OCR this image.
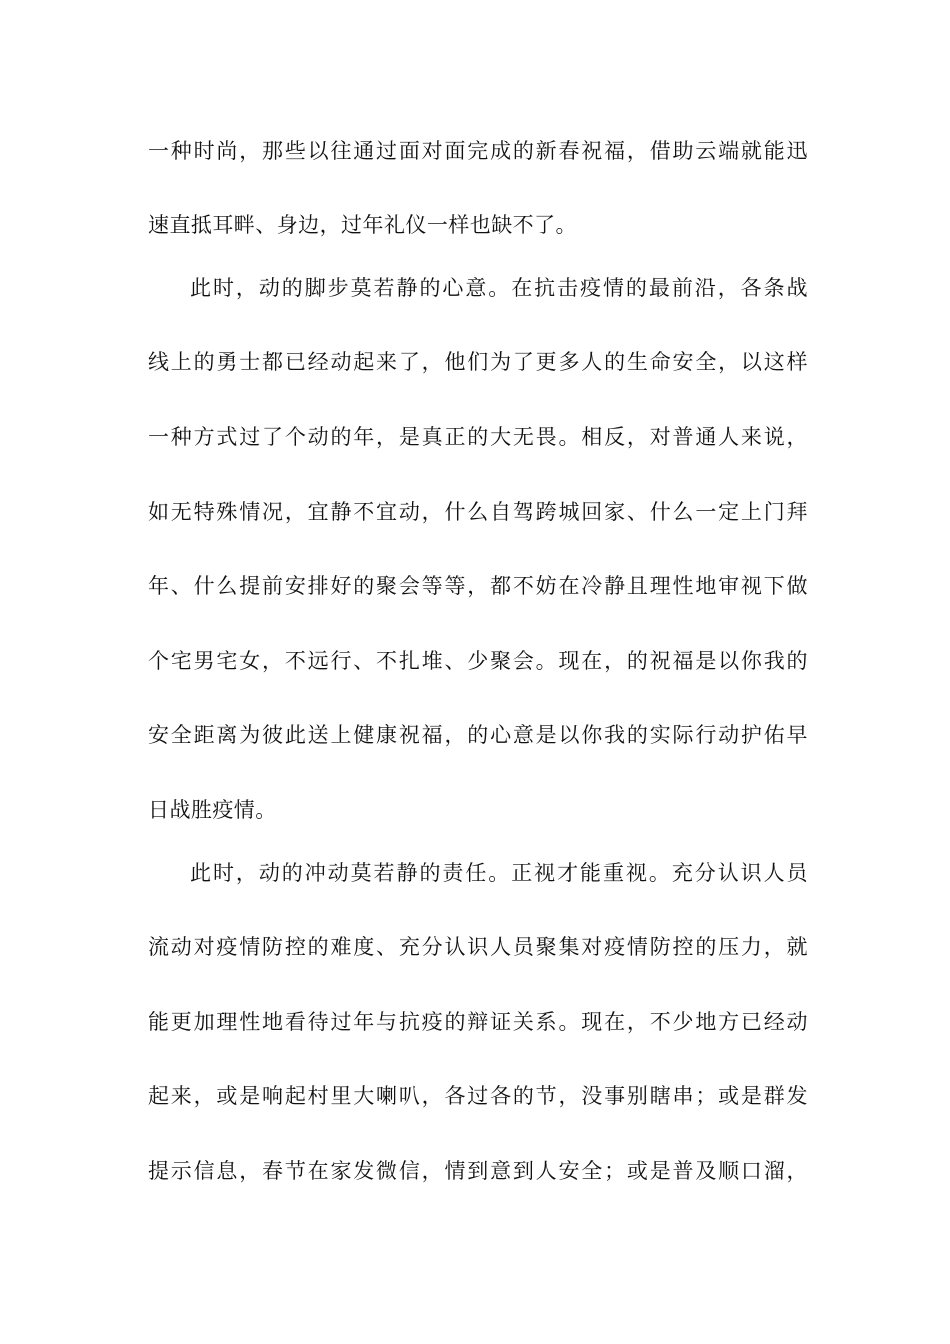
一种时尚，那些以往通过面对面完成的新春祝福，借助云端就能迅
速直抵耳畔、身边，过年礼仪一样也缺不了。
此时，动的脚步莫若静的心意。在抗击疫情的最前沿，各条战
线上的勇士都已经动起来了，他们为了更多人的生命安全，以这样
一种方式过了个动的年，是真正的大无畏。相反，对普通人来说，
如无特殊情况，宜静不宜动，什么自驾跨城回家、什么一定上门拜
年、什么提前安排好的聚会等等，都不妨在冷静且理性地审视下做
个宅男宅女，不远行、不扎堆、少聚会。现在，的祝福是以你我的
安全距离为彼此送上健康祝福，的心意是以你我的实际行动护佑早
日战胜疫情。
此时，动的冲动莫若静的责任。正视才能重视。充分认识人员
流动对疫情防控的难度、充分认识人员聚集对疫情防控的压力，就
能更加理性地看待过年与抗疫的辩证关系。现在，不少地方已经动
起来，或是响起村里大喇叭，各过各的节，没事别瞎串；或是群发
提示信息，春节在家发微信，情到意到人安全；或是普及顺口溜，
